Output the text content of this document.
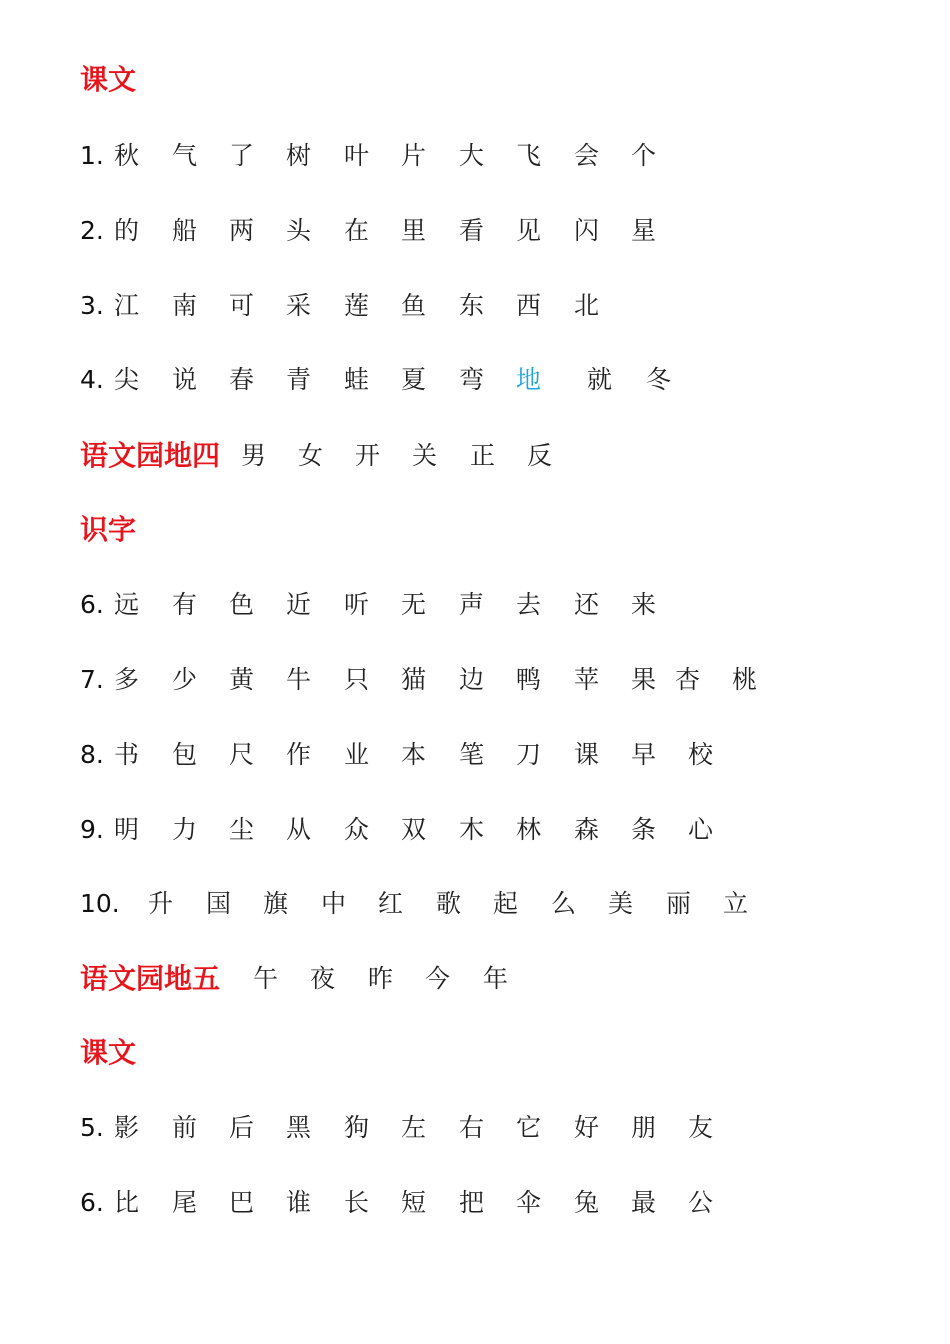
课文
1. 秋 气 了 树 叶 片 大 飞 会 个
2. 的 船 两 头 在 里 看 见 闪 星
3. 江 南 可 采 莲 鱼 东 西 北
4. 尖 说 春 青 蛙 夏 弯 地 就 冬
语文园地四 男 女 开 关 正 反
识字
6. 远 有 色 近 听 无 声 去 还 来
7. 多 少 黄 牛 只 猫 边 鸭 苹 果 杏 桃
8. 书 包 尺 作 业 本 笔 刀 课 早 校
9. 明 力 尘 从 众 双 木 林 森 条 心
10. 升 国 旗 中 红 歌 起 么 美 丽 立
语文园地五 午 夜 昨 今 年
课文
5. 影 前 后 黑 狗 左 右 它 好 朋 友
6. 比 尾 巴 谁 长 短 把 伞 兔 最 公
